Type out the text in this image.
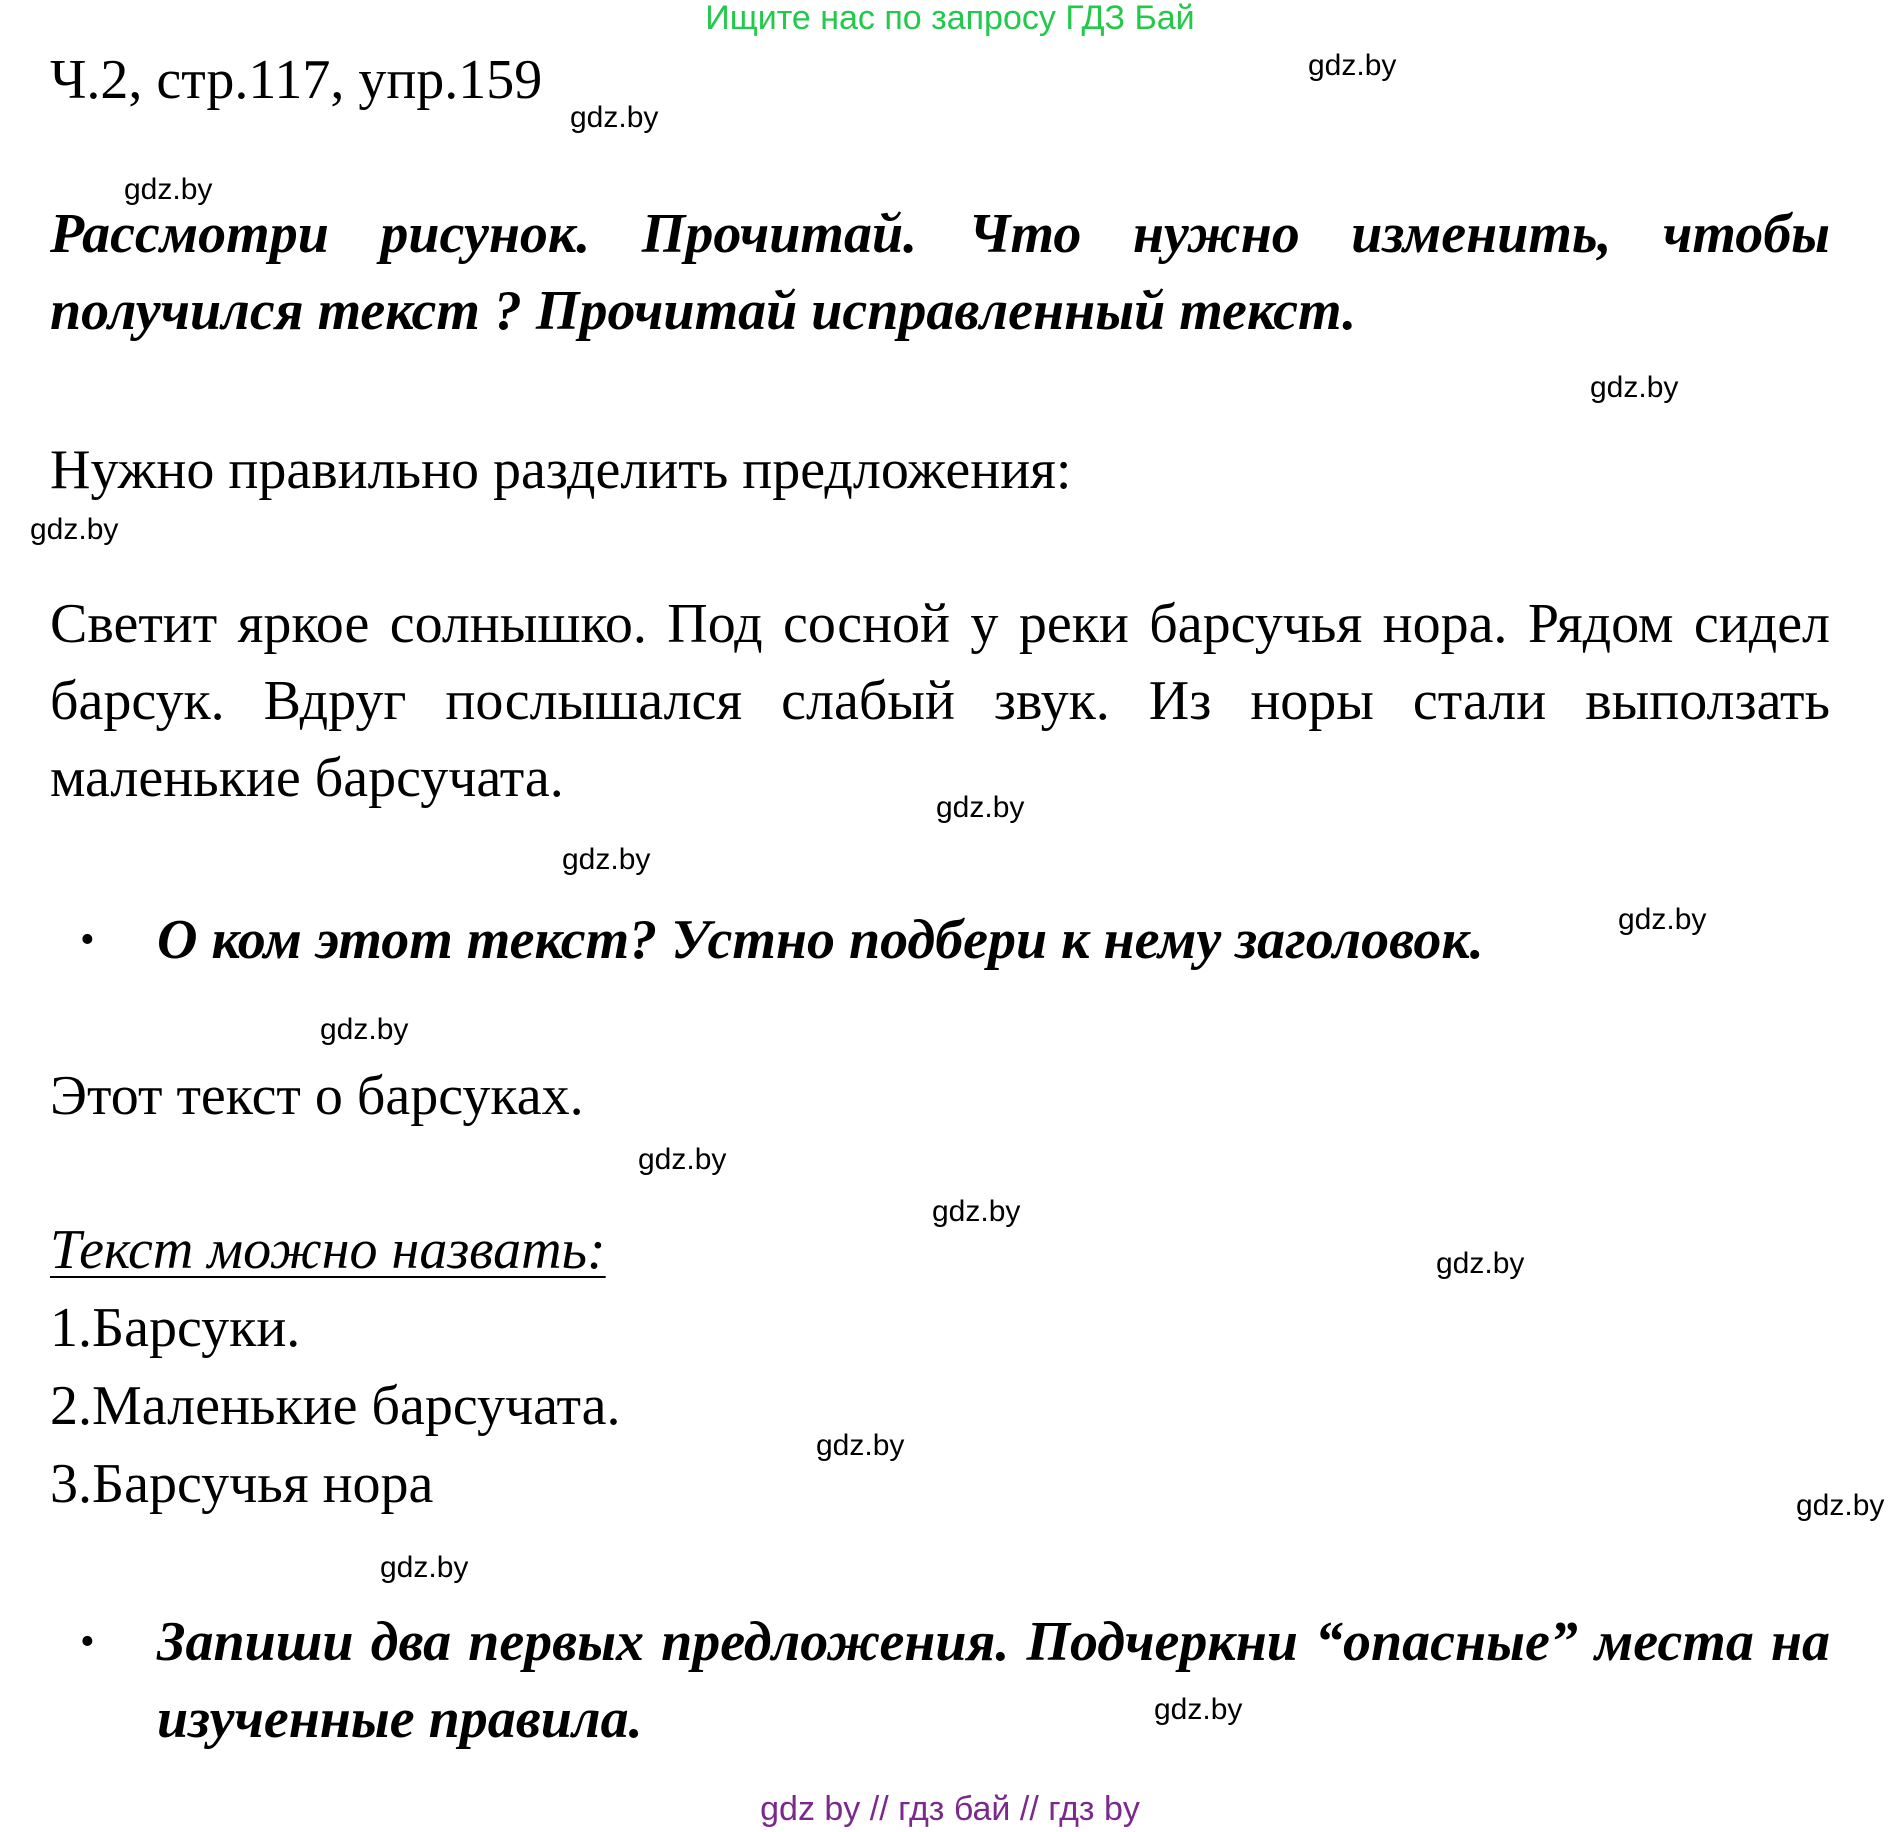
Ищите нас по запросу ГДЗ Бай
Ч.2, стр.117, упр.159
Рассмотри рисунок. Прочитай. Что нужно изменить, чтобы получился текст ? Прочитай исправленный текст.
Нужно правильно разделить предложения:
Светит яркое солнышко. Под сосной у реки барсучья нора. Рядом сидел барсук. Вдруг послышался слабый звук. Из норы стали выползать маленькие барсучата.
• О ком этот текст? Устно подбери к нему заголовок.
Этот текст о барсуках.
Текст можно назвать:
1.Барсуки.
2.Маленькие барсучата.
3.Барсучья нора
• Запиши два первых предложения. Подчеркни “опасные” места на изученные правила.
gdz.by
gdz.by
gdz.by
gdz.by
gdz.by
gdz.by
gdz.by
gdz.by
gdz.by
gdz.by
gdz.by
gdz.by
gdz.by
gdz.by
gdz.by
gdz.by
gdz by // гдз бай // гдз by
